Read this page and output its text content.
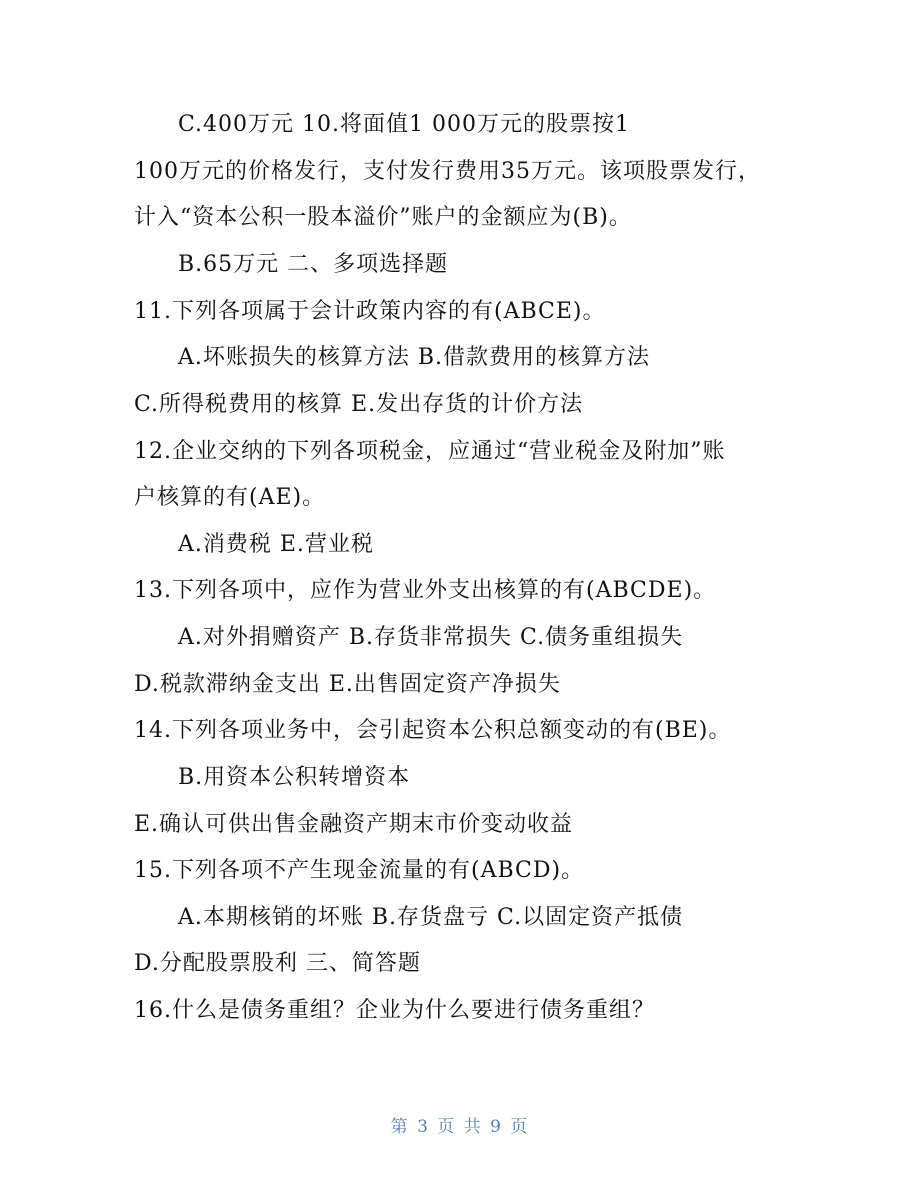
C.400万元 10.将面值1 000万元的股票按1
100万元的价格发行，支付发行费用35万元。该项股票发行，
计入“资本公积一股本溢价”账户的金额应为(B)。
B.65万元 二、多项选择题
11.下列各项属于会计政策内容的有(ABCE)。
A.坏账损失的核算方法 B.借款费用的核算方法
C.所得税费用的核算 E.发出存货的计价方法
12.企业交纳的下列各项税金，应通过“营业税金及附加”账
户核算的有(AE)。
A.消费税 E.营业税
13.下列各项中，应作为营业外支出核算的有(ABCDE)。
A.对外捐赠资产 B.存货非常损失 C.债务重组损失
D.税款滞纳金支出 E.出售固定资产净损失
14.下列各项业务中，会引起资本公积总额变动的有(BE)。
B.用资本公积转增资本
E.确认可供出售金融资产期末市价变动收益
15.下列各项不产生现金流量的有(ABCD)。
A.本期核销的坏账 B.存货盘亏 C.以固定资产抵债
D.分配股票股利 三、简答题
16.什么是债务重组？企业为什么要进行债务重组？
第 3 页 共 9 页
